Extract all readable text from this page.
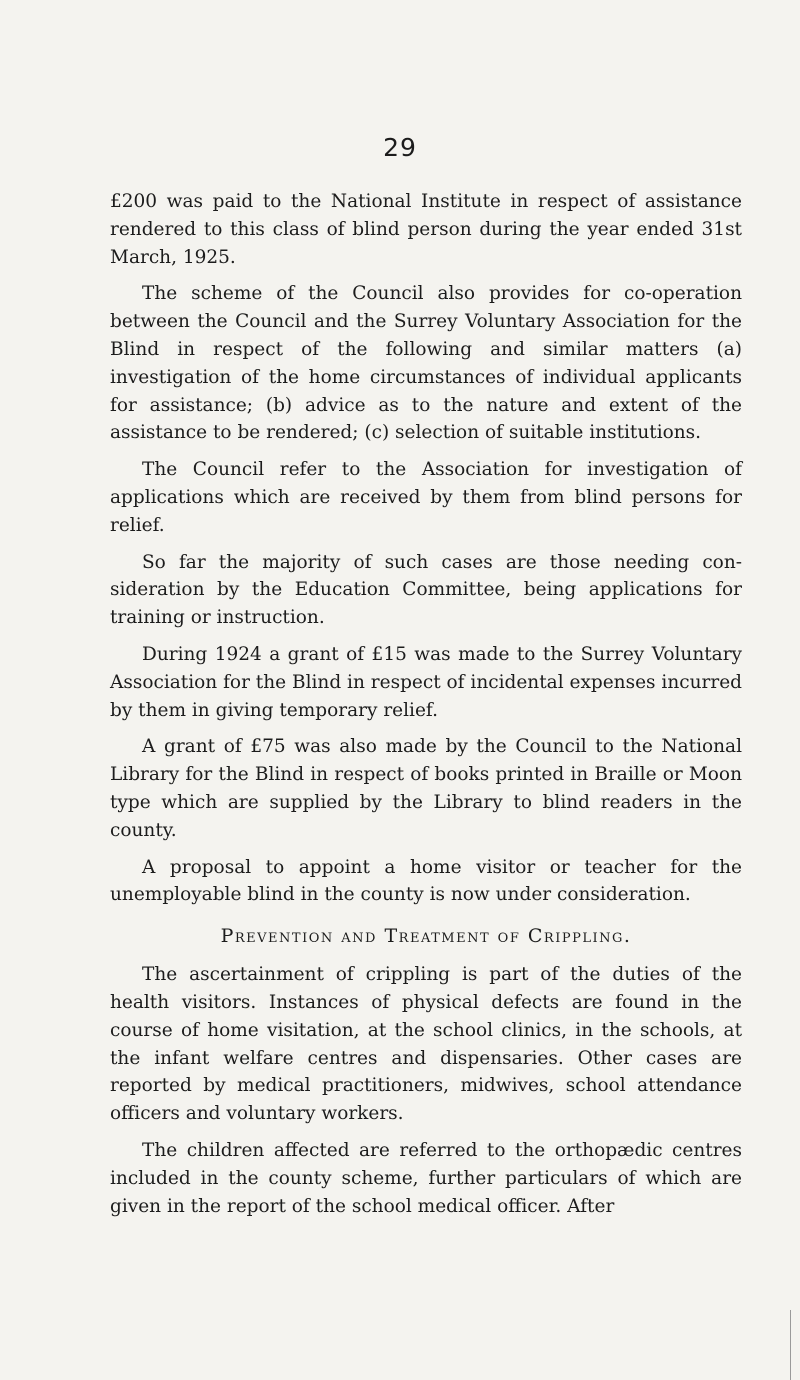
29

£200 was paid to the National Institute in respect of assistance rendered to this class of blind person during the year ended 31st March, 1925.

The scheme of the Council also provides for co-operation between the Council and the Surrey Voluntary Association for the Blind in respect of the following and similar matters (a) investigation of the home circumstances of individual applicants for assistance; (b) advice as to the nature and extent of the assistance to be rendered; (c) selection of suitable institutions.

The Council refer to the Association for investigation of applications which are received by them from blind persons for relief.

So far the majority of such cases are those needing consideration by the Education Committee, being applications for training or instruction.

During 1924 a grant of £15 was made to the Surrey Voluntary Association for the Blind in respect of incidental expenses incurred by them in giving temporary relief.

A grant of £75 was also made by the Council to the National Library for the Blind in respect of books printed in Braille or Moon type which are supplied by the Library to blind readers in the county.

A proposal to appoint a home visitor or teacher for the unemployable blind in the county is now under consideration.

Prevention and Treatment of Crippling.

The ascertainment of crippling is part of the duties of the health visitors. Instances of physical defects are found in the course of home visitation, at the school clinics, in the schools, at the infant welfare centres and dispensaries. Other cases are reported by medical practitioners, midwives, school attendance officers and voluntary workers.

The children affected are referred to the orthopædic centres included in the county scheme, further particulars of which are given in the report of the school medical officer. After
